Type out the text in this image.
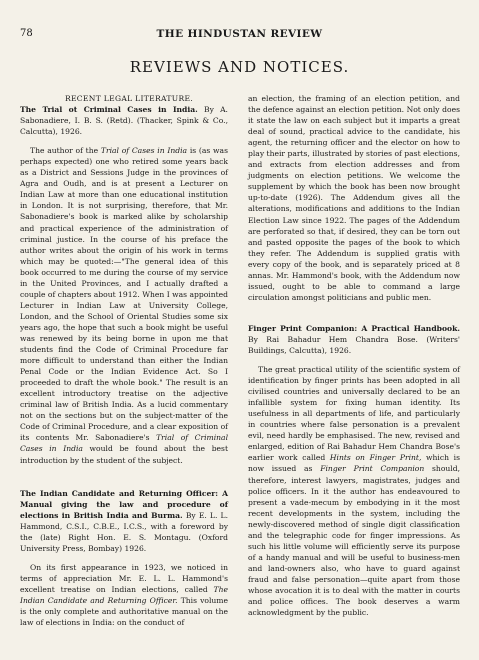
78	THE HINDUSTAN REVIEW
REVIEWS AND NOTICES.

RECENT LEGAL LITERATURE.

The Trial ot Criminal Cases in India. By A. Sabonadiere, I. B. S. (Retd). (Thacker, Spink & Co., Calcutta), 1926.

The author of the Trial of Cases in India is (as was perhaps expected) one who retired some years back as a District and Sessions Judge in the provinces of Agra and Oudh, and is at present a Lecturer on Indian Law at more than one educational institution in London. It is not surprising, therefore, that Mr. Sabonadiere's book is marked alike by scholarship and practical experience of the administration of criminal justice. In the course of his preface the author writes about the origin of his work in terms which may be quoted:—"The general idea of this book occurred to me during the course of my service in the United Provinces, and I actually drafted a couple of chapters about 1912. When I was appointed Lecturer in Indian Law at University College, London, and the School of Oriental Studies some six years ago, the hope that such a book might be useful was renewed by its being borne in upon me that students find the Code of Criminal Procedure far more difficult to understand than either the Indian Penal Code or the Indian Evidence Act. So I proceeded to draft the whole book." The result is an excellent introductory treatise on the adjective criminal law of British India. As a lucid commentary not on the sections but on the subject-matter of the Code of Criminal Procedure, and a clear exposition of its contents Mr. Sabonadiere's Trial of Criminal Cases in India would be found about the best introduction by the student of the subject.

The Indian Candidate and Returning Officer: A Manual giving the law and procedure of elections in British India and Burma. By E. L. L. Hammond, C.S.I., C.B.E., I.C.S., with a foreword by the (late) Right Hon. E. S. Montagu. (Oxford University Press, Bombay) 1926.

On its first appearance in 1923, we noticed in terms of appreciation Mr. E. L. L. Hammond's excellent treatise on Indian elections, called The Indian Candidate and Returning Officer. This volume is the only complete and authoritative manual on the law of elections in India: on the conduct of

an election, the framing of an election petition, and the defence against an election petition. Not only does it state the law on each subject but it imparts a great deal of sound, practical advice to the candidate, his agent, the returning officer and the elector on how to play their parts, illustrated by stories of past elections, and extracts from election addresses and from judgments on election petitions. We welcome the supplement by which the book has been now brought up-to-date (1926). The Addendum gives all the alterations, modifications and additions to the Indian Election Law since 1922. The pages of the Addendum are perforated so that, if desired, they can be torn out and pasted opposite the pages of the book to which they refer. The Addendum is supplied gratis with every copy of the book, and is separately priced at 8 annas. Mr. Hammond's book, with the Addendum now issued, ought to be able to command a large circulation amongst politicians and public men.

Finger Print Companion: A Practical Handbook. By Rai Bahadur Hem Chandra Bose. (Writers' Buildings, Calcutta), 1926.

The great practical utility of the scientific system of identification by finger prints has been adopted in all civilised countries and universally declared to be an infallible system for fixing human identity. Its usefulness in all departments of life, and particularly in countries where false personation is a prevalent evil, need hardly be emphasised. The new, revised and enlarged, edition of Rai Bahadur Hem Chandra Bose's earlier work called Hints on Finger Print, which is now issued as Finger Print Companion should, therefore, interest lawyers, magistrates, judges and police officers. In it the author has endeavoured to present a vade-mecum by embodying in it the most recent developments in the system, including the newly-discovered method of single digit classification and the telegraphic code for finger impressions. As such his little volume will efficiently serve its purpose of a handy manual and will be useful to business-men and land-owners also, who have to guard against fraud and false personation—quite apart from those whose avocation it is to deal with the matter in courts and police offices. The book deserves a warm acknowledgment by the public.
